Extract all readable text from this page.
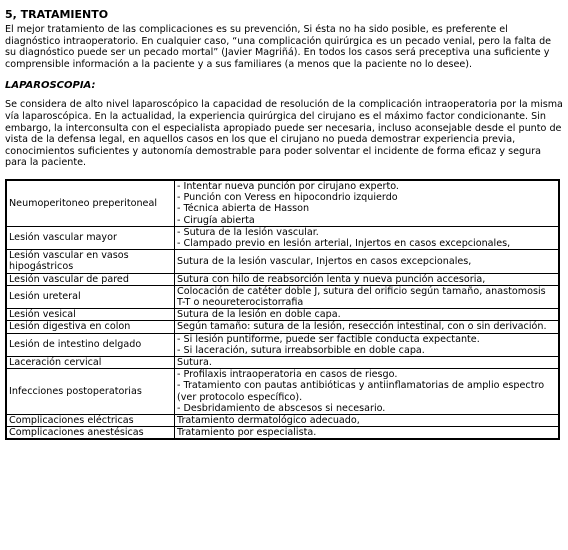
5, TRATAMIENTO

El mejor tratamiento de las complicaciones es su prevención, Si ésta no ha sido posible, es preferente el diagnóstico intraoperatorio. En cualquier caso, “una complicación quirúrgica es un pecado venial, pero la falta de su diagnóstico puede ser un pecado mortal” (Javier Magriñá). En todos los casos será preceptiva una suficiente y comprensible información a la paciente y a sus familiares (a menos que la paciente no lo desee).

LAPAROSCOPIA:

Se considera de alto nivel laparoscópico la capacidad de resolución de la complicación intraoperatoria por la misma vía laparoscópica. En la actualidad, la experiencia quirúrgica del cirujano es el máximo factor condicionante. Sin embargo, la interconsulta con el especialista apropiado puede ser necesaria, incluso aconsejable desde el punto de vista de la defensa legal, en aquellos casos en los que el cirujano no pueda demostrar experiencia previa, conocimientos suficientes y autonomía demostrable para poder solventar el incidente de forma eficaz y segura para la paciente.

Neumoperitoneo preperitoneal	- Intentar nueva punción por cirujano experto.
- Punción con Veress en hipocondrio izquierdo
- Técnica abierta de Hasson
- Cirugía abierta

Lesión vascular mayor	- Sutura de la lesión vascular.
- Clampado previo en lesión arterial, Injertos en casos excepcionales,

Lesión vascular en vasos hipogástricos	Sutura de la lesión vascular, Injertos en casos excepcionales,

Lesión vascular de pared	Sutura con hilo de reabsorción lenta y nueva punción accesoria,

Lesión ureteral	Colocación de catéter doble J, sutura del orificio según tamaño, anastomosis T-T o neoureterocistorrafia

Lesión vesical	Sutura de la lesión en doble capa.

Lesión digestiva en colon	Según tamaño: sutura de la lesión, resección intestinal, con o sin derivación.

Lesión de intestino delgado	- Si lesión puntiforme, puede ser factible conducta expectante.
- Si laceración, sutura irreabsorbible en doble capa.

Laceración cervical	Sutura.

Infecciones postoperatorias	- Profilaxis intraoperatoria en casos de riesgo.
- Tratamiento con pautas antibióticas y antiinflamatorias de amplio espectro (ver protocolo específico).
- Desbridamiento de abscesos si necesario.

Complicaciones eléctricas	Tratamiento dermatológico adecuado,

Complicaciones anestésicas	Tratamiento por especialista.
